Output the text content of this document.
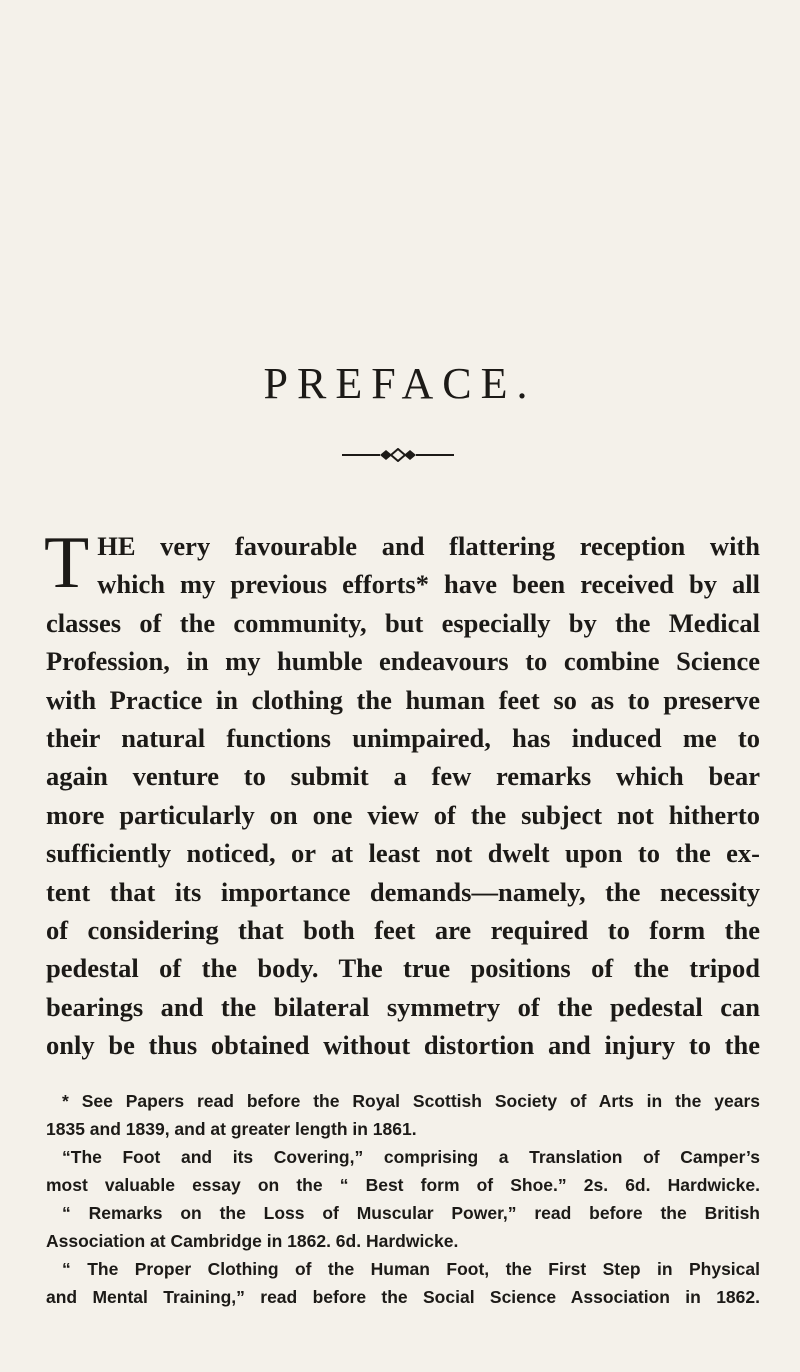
PREFACE.
T HE very favourable and flattering reception with
which my previous efforts* have been received by all
classes of the community, but especially by the Medical
Profession, in my humble endeavours to combine Science
with Practice in clothing the human feet so as to preserve
their natural functions unimpaired, has induced me to
again venture to submit a few remarks which bear
more particularly on one view of the subject not hitherto
sufficiently noticed, or at least not dwelt upon to the ex-
tent that its importance demands—namely, the necessity
of considering that both feet are required to form the
pedestal of the body. The true positions of the tripod
bearings and the bilateral symmetry of the pedestal can
only be thus obtained without distortion and injury to the
* See Papers read before the Royal Scottish Society of Arts in the years
1835 and 1839, and at greater length in 1861.
“The Foot and its Covering,” comprising a Translation of Camper’s
most valuable essay on the “ Best form of Shoe.” 2s. 6d. Hardwicke.
“ Remarks on the Loss of Muscular Power,” read before the British
Association at Cambridge in 1862. 6d. Hardwicke.
“ The Proper Clothing of the Human Foot, the First Step in Physical
and Mental Training,” read before the Social Science Association in 1862.
